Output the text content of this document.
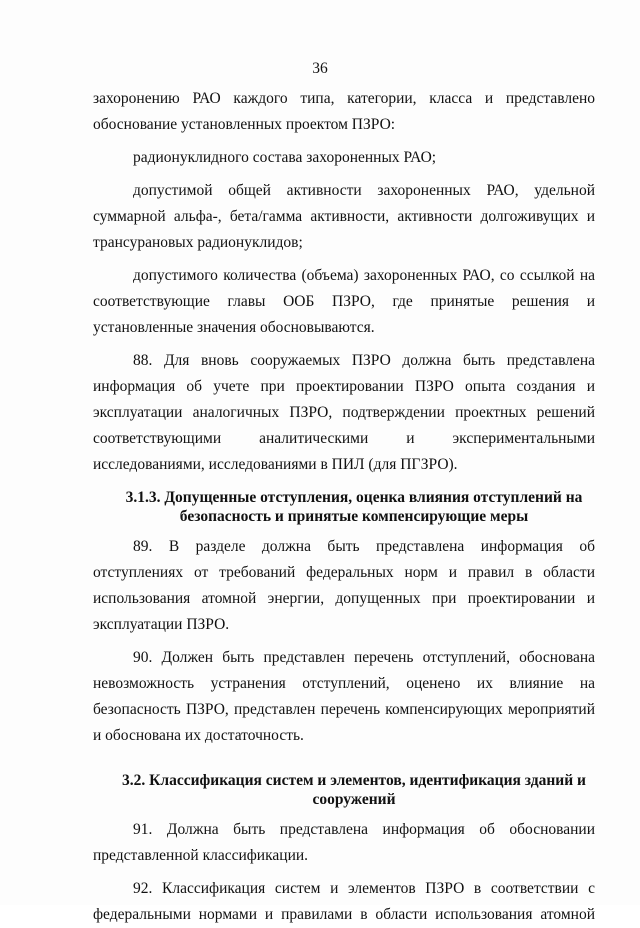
36

захоронению РАО каждого типа, категории, класса и представлено обоснование установленных проектом ПЗРО:

радионуклидного состава захороненных РАО;

допустимой общей активности захороненных РАО, удельной суммарной альфа-, бета/гамма активности, активности долгоживущих и трансурановых радионуклидов;

допустимого количества (объема) захороненных РАО, со ссылкой на соответствующие главы ООБ ПЗРО, где принятые решения и установленные значения обосновываются.

88. Для вновь сооружаемых ПЗРО должна быть представлена информация об учете при проектировании ПЗРО опыта создания и эксплуатации аналогичных ПЗРО, подтверждении проектных решений соответствующими аналитическими и экспериментальными исследованиями, исследованиями в ПИЛ (для ПГЗРО).

3.1.3. Допущенные отступления, оценка влияния отступлений на безопасность и принятые компенсирующие меры

89. В разделе должна быть представлена информация об отступлениях от требований федеральных норм и правил в области использования атомной энергии, допущенных при проектировании и эксплуатации ПЗРО.

90. Должен быть представлен перечень отступлений, обоснована невозможность устранения отступлений, оценено их влияние на безопасность ПЗРО, представлен перечень компенсирующих мероприятий и обоснована их достаточность.

3.2. Классификация систем и элементов, идентификация зданий и сооружений

91. Должна быть представлена информация об обосновании представленной классификации.

92. Классификация систем и элементов ПЗРО в соответствии с федеральными нормами и правилами в области использования атомной
